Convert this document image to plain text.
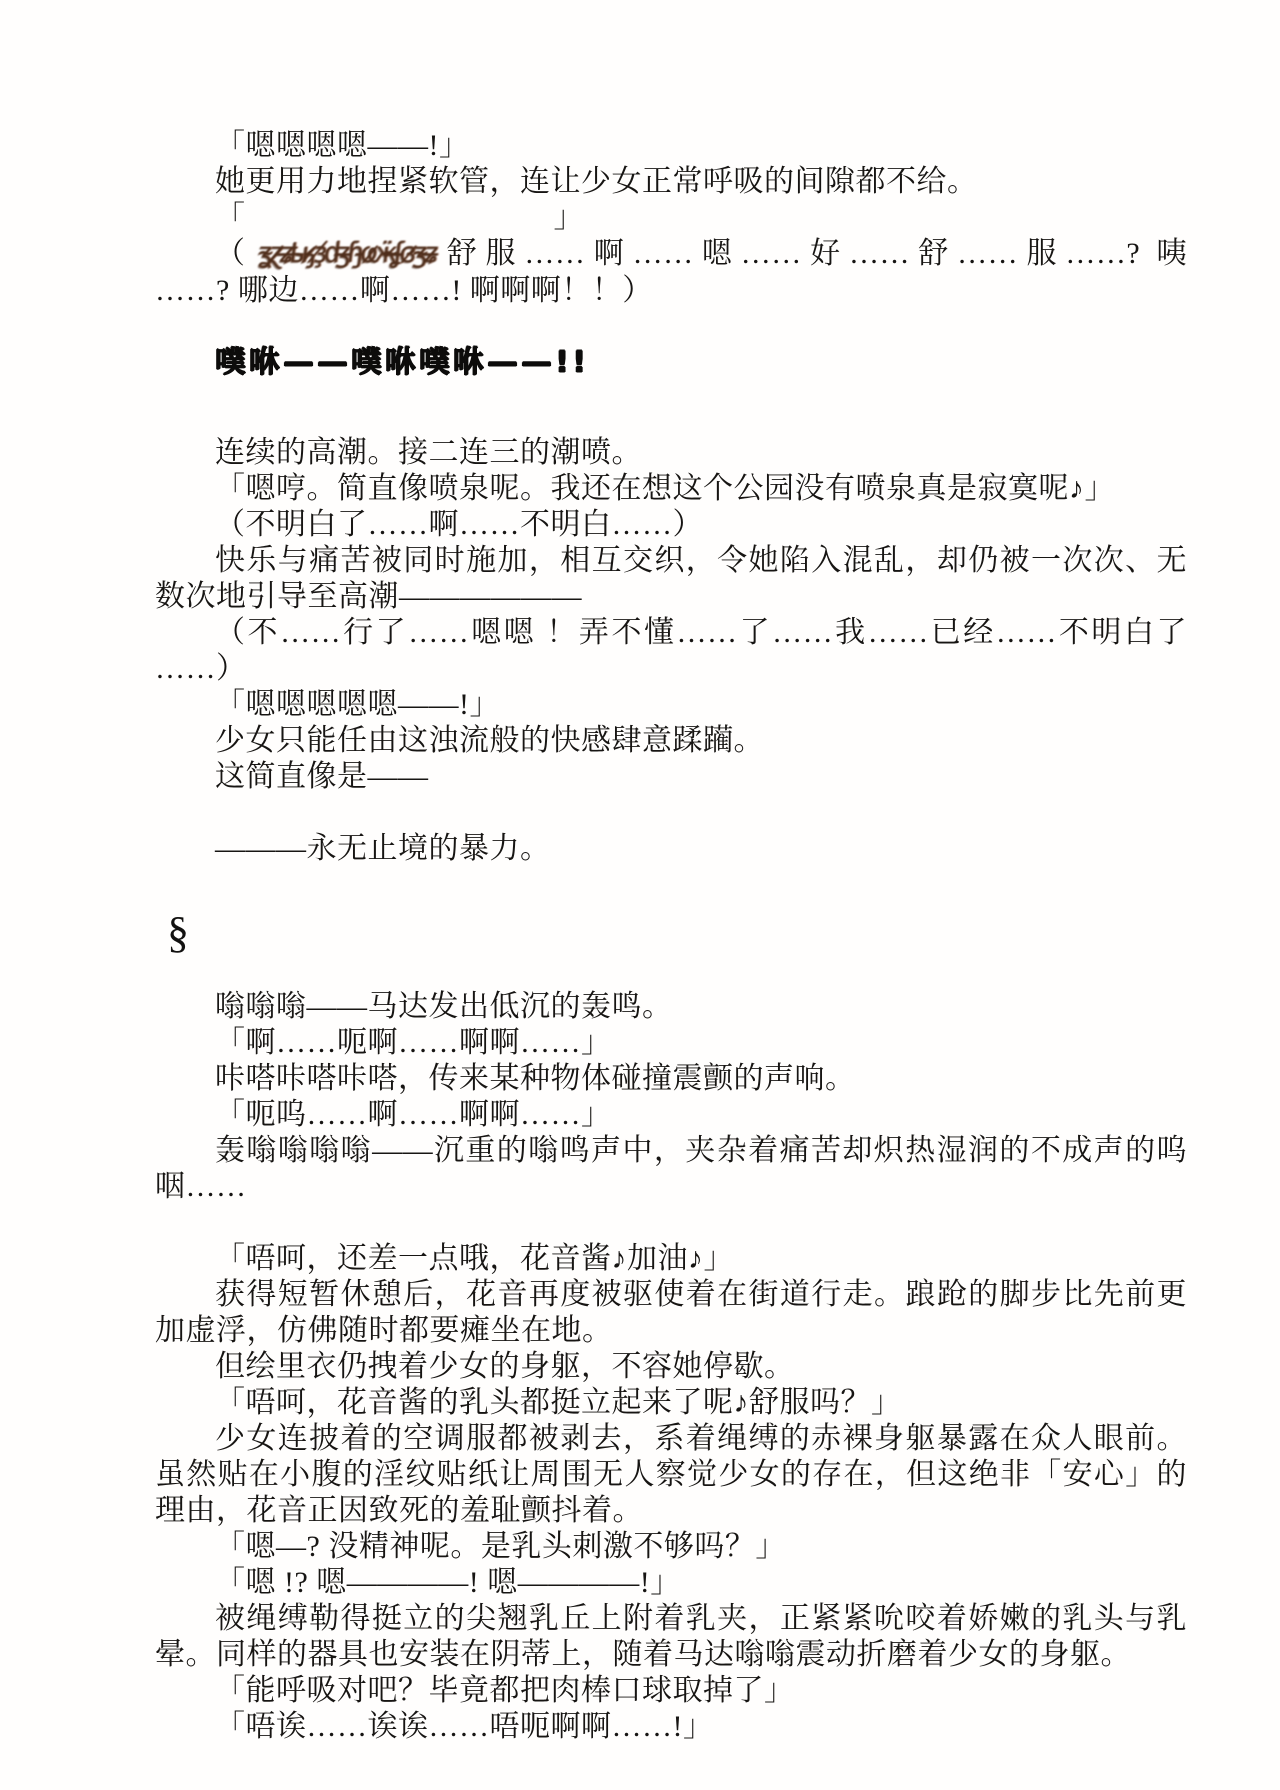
「嗯嗯嗯嗯——!」
她更用力地捏紧软管，连让少女正常呼吸的间隙都不给。
「	」
（ ʓ̴ɀ̷ʑ̶ҍ̵ӄ̷ҙ̸ʤ̶ɧ̵ҩ̷ӝ̴ʆ̶ɞ̷ӡ̴ʑ̶舒服……啊……嗯……好……舒……服……? 咦
……? 哪边……啊……! 啊啊啊！！）

噗咻——噗咻噗咻——!!

连续的高潮。接二连三的潮喷。
「嗯哼。简直像喷泉呢。我还在想这个公园没有喷泉真是寂寞呢♪」
（不明白了……啊……不明白……）
快乐与痛苦被同时施加，相互交织，令她陷入混乱，却仍被一次次、无
数次地引导至高潮——————
（不……行了……嗯嗯 ！弄不懂……了……我……已经……不明白了
……）
「嗯嗯嗯嗯嗯——!」
少女只能任由这浊流般的快感肆意蹂躏。
这简直像是——

———永无止境的暴力。

§
嗡嗡嗡——马达发出低沉的轰鸣。
「啊……呃啊……啊啊……」
咔嗒咔嗒咔嗒，传来某种物体碰撞震颤的声响。
「呃呜……啊……啊啊……」
轰嗡嗡嗡嗡——沉重的嗡鸣声中，夹杂着痛苦却炽热湿润的不成声的呜
咽……

「唔呵，还差一点哦，花音酱♪加油♪」
获得短暂休憩后，花音再度被驱使着在街道行走。踉跄的脚步比先前更
加虚浮，仿佛随时都要瘫坐在地。
但绘里衣仍拽着少女的身躯，不容她停歇。
「唔呵，花音酱的乳头都挺立起来了呢♪舒服吗？」
少女连披着的空调服都被剥去，系着绳缚的赤裸身躯暴露在众人眼前。
虽然贴在小腹的淫纹贴纸让周围无人察觉少女的存在，但这绝非「安心」的
理由，花音正因致死的羞耻颤抖着。
「嗯—? 没精神呢。是乳头刺激不够吗？」
「嗯 !? 嗯————! 嗯————!」
被绳缚勒得挺立的尖翘乳丘上附着乳夹，正紧紧吮咬着娇嫩的乳头与乳
晕。同样的器具也安装在阴蒂上，随着马达嗡嗡震动折磨着少女的身躯。
「能呼吸对吧？毕竟都把肉棒口球取掉了」
「唔诶……诶诶……唔呃啊啊……!」
